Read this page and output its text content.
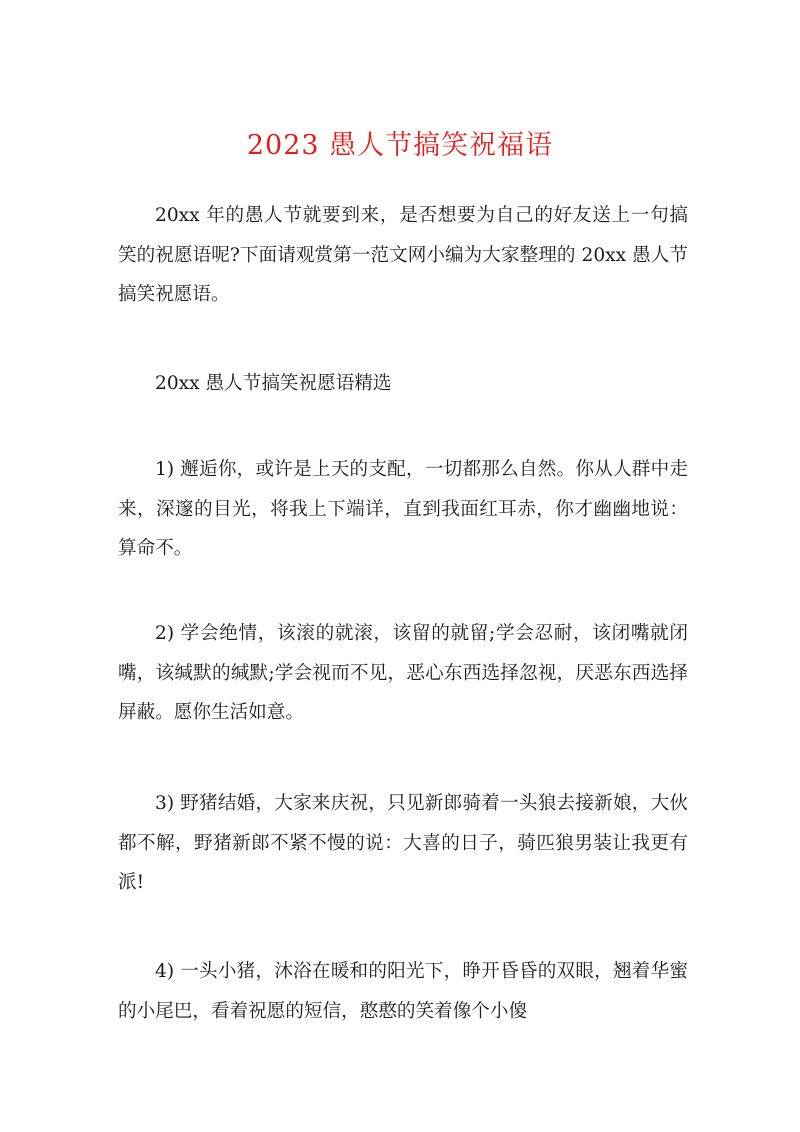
2023 愚人节搞笑祝福语

20xx 年的愚人节就要到来，是否想要为自己的好友送上一句搞笑的祝愿语呢?下面请观赏第一范文网小编为大家整理的 20xx 愚人节搞笑祝愿语。

20xx 愚人节搞笑祝愿语精选

1) 邂逅你，或许是上天的支配，一切都那么自然。你从人群中走来，深邃的目光，将我上下端详，直到我面红耳赤，你才幽幽地说：算命不。

2) 学会绝情，该滚的就滚，该留的就留;学会忍耐，该闭嘴就闭嘴，该缄默的缄默;学会视而不见，恶心东西选择忽视，厌恶东西选择屏蔽。愿你生活如意。

3) 野猪结婚，大家来庆祝，只见新郎骑着一头狼去接新娘，大伙都不解，野猪新郎不紧不慢的说：大喜的日子，骑匹狼男装让我更有派!

4) 一头小猪，沐浴在暖和的阳光下，睁开昏昏的双眼，翘着华蜜的小尾巴，看着祝愿的短信，憨憨的笑着像个小傻
